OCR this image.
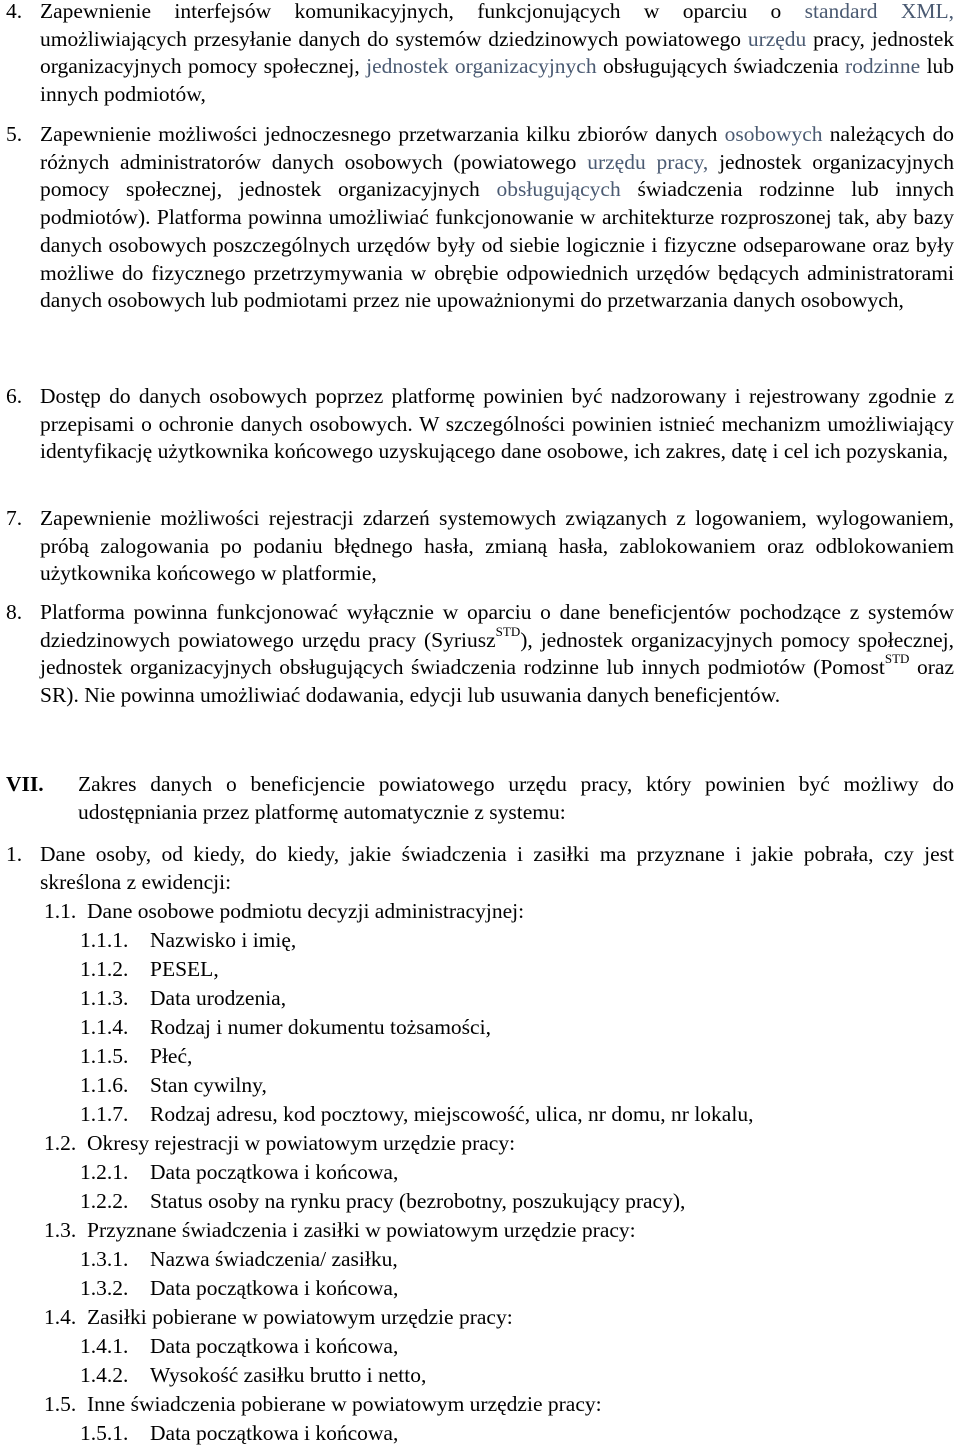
4. Zapewnienie interfejsów komunikacyjnych, funkcjonujących w oparciu o standard XML, umożliwiających przesyłanie danych do systemów dziedzinowych powiatowego urzędu pracy, jednostek organizacyjnych pomocy społecznej, jednostek organizacyjnych obsługujących świadczenia rodzinne lub innych podmiotów,
5. Zapewnienie możliwości jednoczesnego przetwarzania kilku zbiorów danych osobowych należących do różnych administratorów danych osobowych (powiatowego urzędu pracy, jednostek organizacyjnych pomocy społecznej, jednostek organizacyjnych obsługujących świadczenia rodzinne lub innych podmiotów). Platforma powinna umożliwiać funkcjonowanie w architekturze rozproszonej tak, aby bazy danych osobowych poszczególnych urzędów były od siebie logicznie i fizyczne odseparowane oraz były możliwe do fizycznego przetrzymywania w obrębie odpowiednich urzędów będących administratorami danych osobowych lub podmiotami przez nie upoważnionymi do przetwarzania danych osobowych,
6. Dostęp do danych osobowych poprzez platformę powinien być nadzorowany i rejestrowany zgodnie z przepisami o ochronie danych osobowych. W szczególności powinien istnieć mechanizm umożliwiający identyfikację użytkownika końcowego uzyskującego dane osobowe, ich zakres, datę i cel ich pozyskania,
7. Zapewnienie możliwości rejestracji zdarzeń systemowych związanych z logowaniem, wylogowaniem, próbą zalogowania po podaniu błędnego hasła, zmianą hasła, zablokowaniem oraz odblokowaniem użytkownika końcowego w platformie,
8. Platforma powinna funkcjonować wyłącznie w oparciu o dane beneficjentów pochodzące z systemów dziedzinowych powiatowego urzędu pracy (Syriusz$^{STD}$), jednostek organizacyjnych pomocy społecznej, jednostek organizacyjnych obsługujących świadczenia rodzinne lub innych podmiotów (Pomost$^{STD}$ oraz SR). Nie powinna umożliwiać dodawania, edycji lub usuwania danych beneficjentów.
VII. Zakres danych o beneficjencie powiatowego urzędu pracy, który powinien być możliwy do udostępniania przez platformę automatycznie z systemu:
1. Dane osoby, od kiedy, do kiedy, jakie świadczenia i zasiłki ma przyznane i jakie pobrała, czy jest skreślona z ewidencji:
1.1. Dane osobowe podmiotu decyzji administracyjnej:
1.1.1. Nazwisko i imię,
1.1.2. PESEL,
1.1.3. Data urodzenia,
1.1.4. Rodzaj i numer dokumentu tożsamości,
1.1.5. Płeć,
1.1.6. Stan cywilny,
1.1.7. Rodzaj adresu, kod pocztowy, miejscowość, ulica, nr domu, nr lokalu,
1.2. Okresy rejestracji w powiatowym urzędzie pracy:
1.2.1. Data początkowa i końcowa,
1.2.2. Status osoby na rynku pracy (bezrobotny, poszukujący pracy),
1.3. Przyznane świadczenia i zasiłki w powiatowym urzędzie pracy:
1.3.1. Nazwa świadczenia/ zasiłku,
1.3.2. Data początkowa i końcowa,
1.4. Zasiłki pobierane w powiatowym urzędzie pracy:
1.4.1. Data początkowa i końcowa,
1.4.2. Wysokość zasiłku brutto i netto,
1.5. Inne świadczenia pobierane w powiatowym urzędzie pracy:
1.5.1. Data początkowa i końcowa,
